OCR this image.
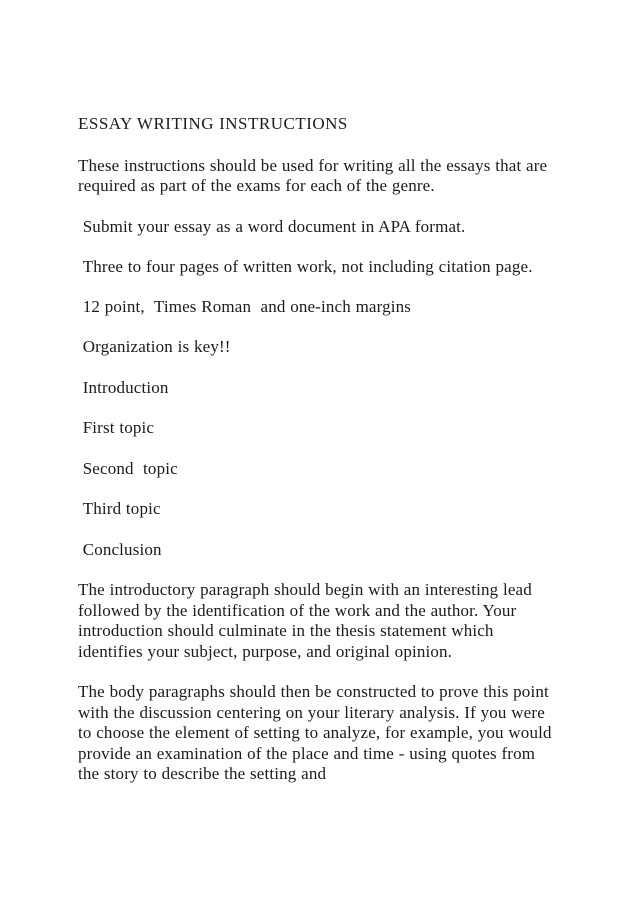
ESSAY WRITING INSTRUCTIONS
These instructions should be used for writing all the essays that are required as part of the exams for each of the genre.
Submit your essay as a word document in APA format.
Three to four pages of written work, not including citation page.
12 point,  Times Roman  and one-inch margins
Organization is key!!
Introduction
First topic
Second  topic
Third topic
Conclusion
The introductory paragraph should begin with an interesting lead followed by the identification of the work and the author. Your introduction should culminate in the thesis statement which identifies your subject, purpose, and original opinion.
The body paragraphs should then be constructed to prove this point with the discussion centering on your literary analysis. If you were to choose the element of setting to analyze, for example, you would provide an examination of the place and time - using quotes from the story to describe the setting and
